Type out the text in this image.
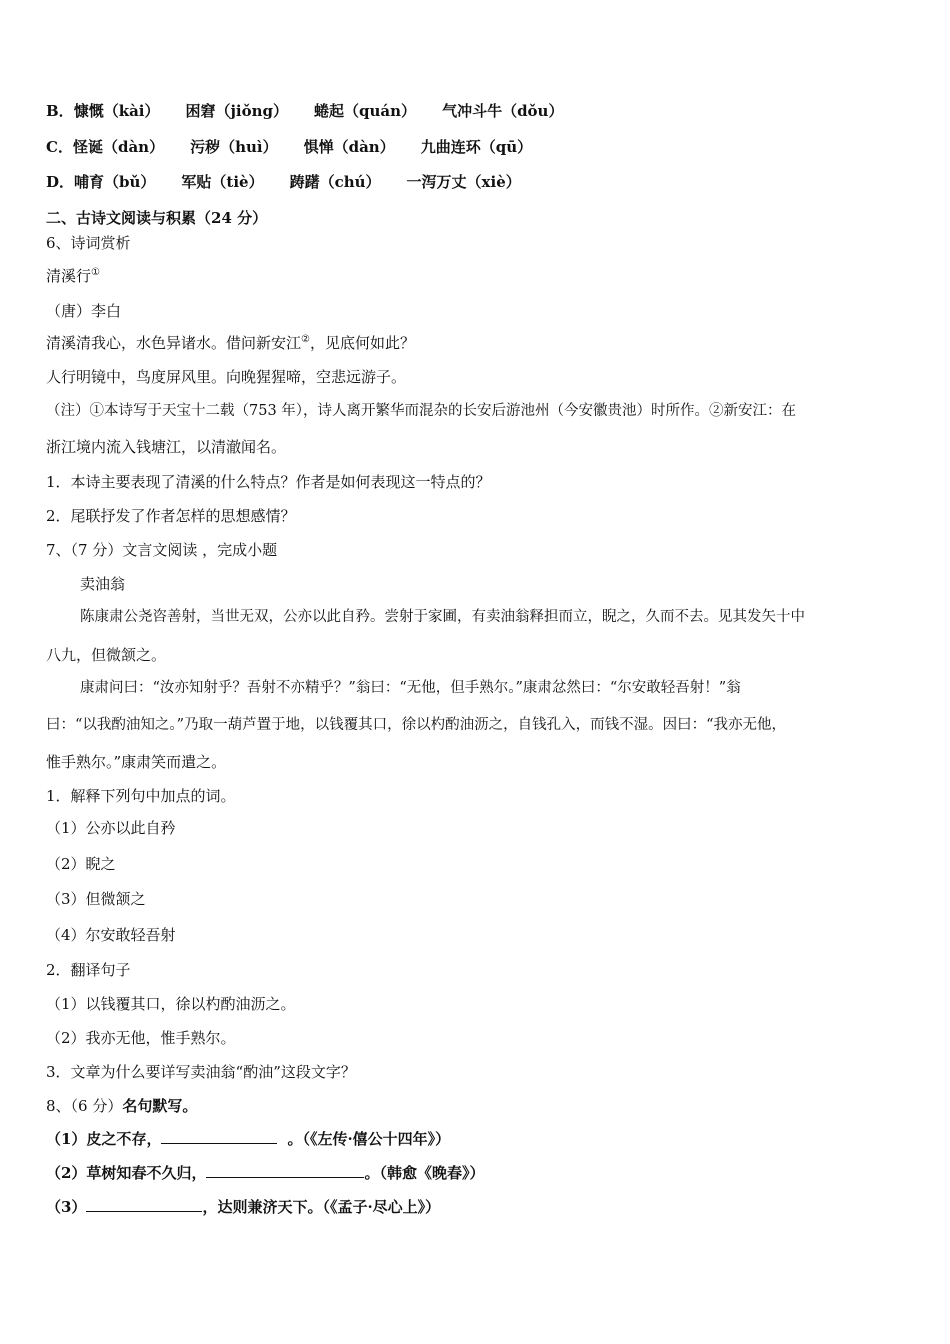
B．慷慨（kài） 困窘（jiǒng） 蜷起（quán） 气冲斗牛（dǒu）
C．怪诞（dàn） 污秽（huì） 惧惮（dàn） 九曲连环（qū）
D．哺育（bǔ） 军贴（tiè） 踌躇（chú） 一泻万丈（xiè）
二、古诗文阅读与积累（24 分）
6、诗词赏析
清溪行①
（唐）李白
清溪清我心，水色异诸水。借问新安江②，见底何如此？
人行明镜中，鸟度屏风里。向晚猩猩啼，空悲远游子。
（注）①本诗写于天宝十二载（753 年），诗人离开繁华而混杂的长安后游池州（今安徽贵池）时所作。②新安江：在
浙江境内流入钱塘江，以清澈闻名。
1．本诗主要表现了清溪的什么特点？作者是如何表现这一特点的？
2．尾联抒发了作者怎样的思想感情？
7、（7 分）文言文阅读 ，完成小题
卖油翁
陈康肃公尧咨善射，当世无双，公亦以此自矜。尝射于家圃，有卖油翁释担而立，睨之，久而不去。见其发矢十中
八九，但微颔之。
康肃问曰：“汝亦知射乎？吾射不亦精乎？”翁曰：“无他，但手熟尔。”康肃忿然曰：“尔安敢轻吾射！”翁
曰：“以我酌油知之。”乃取一葫芦置于地，以钱覆其口，徐以杓酌油沥之，自钱孔入，而钱不湿。因曰：“我亦无他，
惟手熟尔。”康肃笑而遣之。
1．解释下列句中加点的词。
（1）公亦以此自矜
（2）睨之
（3）但微颔之
（4）尔安敢轻吾射
2．翻译句子
（1）以钱覆其口，徐以杓酌油沥之。
（2）我亦无他，惟手熟尔。
3．文章为什么要详写卖油翁“酌油”这段文字？
8、（6 分）名句默写。
（1）皮之不存，	。（《左传·僖公十四年》）
（2）草树知春不久归，	。（韩愈《晚春》）
（3）	，达则兼济天下。（《孟子·尽心上》）
